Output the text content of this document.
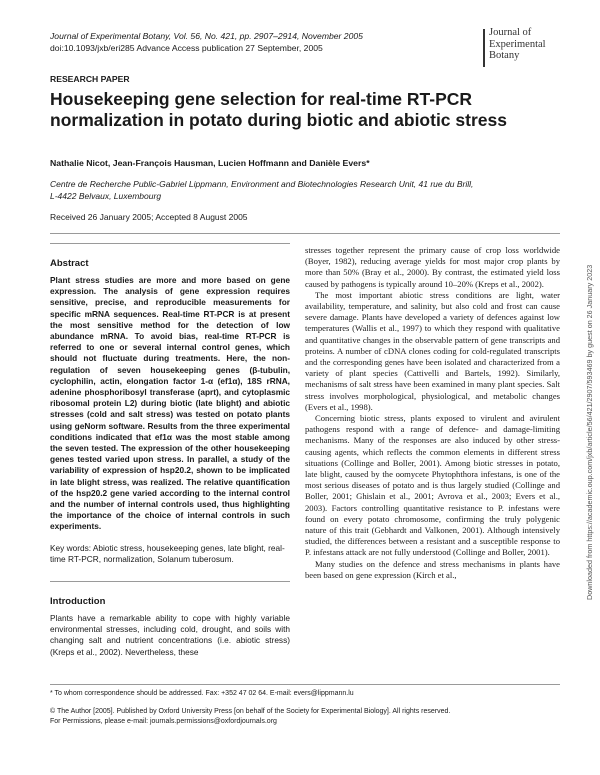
Journal of Experimental Botany, Vol. 56, No. 421, pp. 2907–2914, November 2005
doi:10.1093/jxb/eri285 Advance Access publication 27 September, 2005
Journal of
Experimental
Botany
RESEARCH PAPER
Housekeeping gene selection for real-time RT-PCR
normalization in potato during biotic and abiotic stress
Nathalie Nicot, Jean-François Hausman, Lucien Hoffmann and Danièle Evers*
Centre de Recherche Public-Gabriel Lippmann, Environment and Biotechnologies Research Unit, 41 rue du Brill,
L-4422 Belvaux, Luxembourg
Received 26 January 2005; Accepted 8 August 2005
Abstract

Plant stress studies are more and more based on gene expression. The analysis of gene expression requires sensitive, precise, and reproducible measurements for specific mRNA sequences. Real-time RT-PCR is at present the most sensitive method for the detection of low abundance mRNA. To avoid bias, real-time RT-PCR is referred to one or several internal control genes, which should not fluctuate during treatments. Here, the non-regulation of seven housekeeping genes (β-tubulin, cyclophilin, actin, elongation factor 1-α (ef1α), 18S rRNA, adenine phosphoribosyl transferase (aprt), and cytoplasmic ribosomal protein L2) during biotic (late blight) and abiotic stresses (cold and salt stress) was tested on potato plants using geNorm software. Results from the three experimental conditions indicated that ef1α was the most stable among the seven tested. The expression of the other housekeeping genes tested varied upon stress. In parallel, a study of the variability of expression of hsp20.2, shown to be implicated in late blight stress, was realized. The relative quantification of the hsp20.2 gene varied according to the internal control and the number of internal controls used, thus highlighting the importance of the choice of internal controls in such experiments.

Key words: Abiotic stress, housekeeping genes, late blight, real-time RT-PCR, normalization, Solanum tuberosum.

Introduction

Plants have a remarkable ability to cope with highly variable environmental stresses, including cold, drought, and soils with changing salt and nutrient concentrations (i.e. abiotic stress) (Kreps et al., 2002). Nevertheless, these

stresses together represent the primary cause of crop loss worldwide (Boyer, 1982), reducing average yields for most major crop plants by more than 50% (Bray et al., 2000). By contrast, the estimated yield loss caused by pathogens is typically around 10–20% (Kreps et al., 2002).

The most important abiotic stress conditions are light, water availability, temperature, and salinity, but also cold and frost can cause severe damage. Plants have developed a variety of defences against low temperatures (Wallis et al., 1997) to which they respond with qualitative and quantitative changes in the observable pattern of gene transcripts and proteins. A number of cDNA clones coding for cold-regulated transcripts and the corresponding genes have been isolated and characterized from a variety of plant species (Cattivelli and Bartels, 1992). Similarly, mechanisms of salt stress have been examined in many plant species. Salt stress involves morphological, physiological, and metabolic changes (Evers et al., 1998).

Concerning biotic stress, plants exposed to virulent and avirulent pathogens respond with a range of defence- and damage-limiting mechanisms. Many of the responses are also induced by other stress-causing agents, which reflects the common elements in different stress situations (Collinge and Boller, 2001). Among biotic stresses in potato, late blight, caused by the oomycete Phytophthora infestans, is one of the most serious diseases of potato and is thus largely studied (Collinge and Boller, 2001; Ghislain et al., 2001; Avrova et al., 2003; Evers et al., 2003). Factors controlling quantitative resistance to P. infestans were found on every potato chromosome, confirming the truly polygenic nature of this trait (Gebhardt and Valkonen, 2001). Although intensively studied, the differences between a resistant and a susceptible response to P. infestans attack are not fully understood (Collinge and Boller, 2001).

Many studies on the defence and stress mechanisms in plants have been based on gene expression (Kirch et al.,	Downloaded from https://academic.oup.com/jxb/article/56/421/2907/593469 by guest on 26 January 2023
* To whom correspondence should be addressed. Fax: +352 47 02 64. E-mail: evers@lippmann.lu
© The Author [2005]. Published by Oxford University Press [on behalf of the Society for Experimental Biology]. All rights reserved.
For Permissions, please e-mail: journals.permissions@oxfordjournals.org
